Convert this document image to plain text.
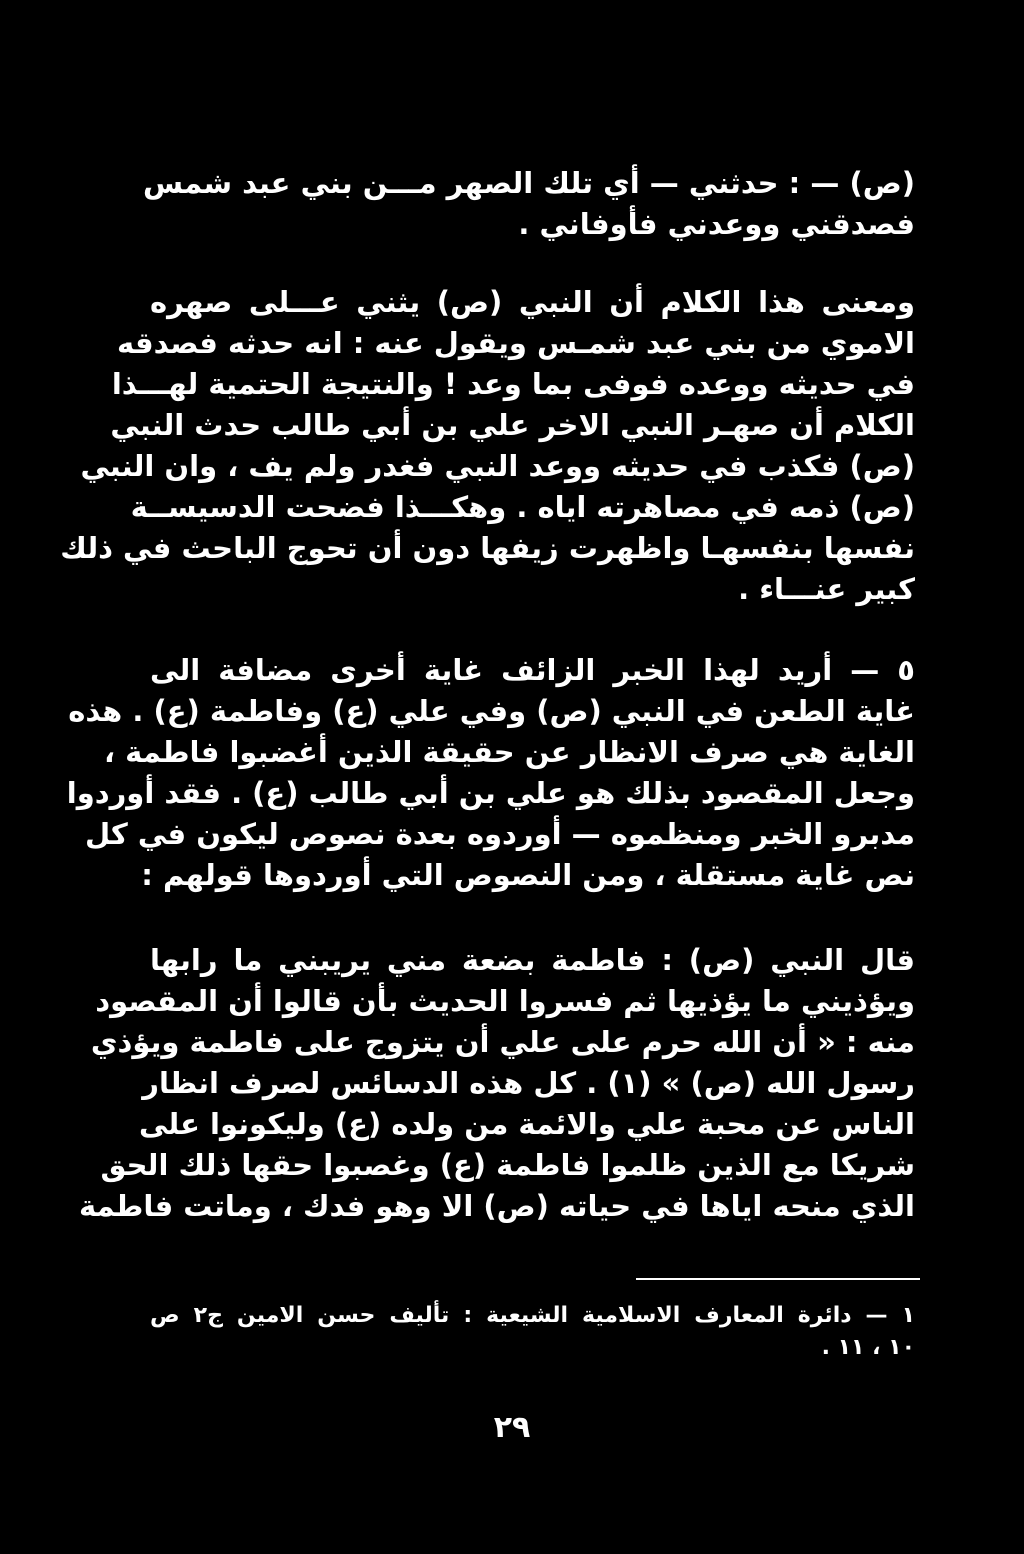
(ص) — : حدثني — أي تلك الصهر مـــن بني عبد شمس
فصدقني ووعدني فأوفاني .
ومعنى هذا الكلام أن النبي (ص) يثني عـــلى صهره
الاموي من بني عبد شمـس ويقول عنه : انه حدثه فصدقه
في حديثه ووعده فوفى بما وعد ! والنتيجة الحتمية لهـــذا
الكلام أن صهـر النبي الاخر علي بن أبي طالب حدث النبي
(ص) فكذب في حديثه ووعد النبي فغدر ولم يف ، وان النبي
(ص) ذمه في مصاهرته اياه . وهكـــذا فضحت الدسيســة
نفسها بنفسهـا واظهرت زيفها دون أن تحوج الباحث في ذلك
كبير عنـــاء .
٥ — أريد لهذا الخبر الزائف غاية أخرى مضافة الى
غاية الطعن في النبي (ص) وفي علي (ع) وفاطمة (ع) . هذه
الغاية هي صرف الانظار عن حقيقة الذين أغضبوا فاطمة ،
وجعل المقصود بذلك هو علي بن أبي طالب (ع) . فقد أوردوا
مدبرو الخبر ومنظموه — أوردوه بعدة نصوص ليكون في كل
نص غاية مستقلة ، ومن النصوص التي أوردوها قولهم :
قال النبي (ص) : فاطمة بضعة مني يريبني ما رابها
ويؤذيني ما يؤذيها ثم فسروا الحديث بأن قالوا أن المقصود
منه : « أن الله حرم على علي أن يتزوج على فاطمة ويؤذي
رسول الله (ص) » (١) . كل هذه الدسائس لصرف انظار
الناس عن محبة علي والائمة من ولده (ع) وليكونوا على
شريكا مع الذين ظلموا فاطمة (ع) وغصبوا حقها ذلك الحق
الذي منحه اياها في حياته (ص) الا وهو فدك ، وماتت فاطمة
١ — دائرة المعارف الاسلامية الشيعية : تأليف حسن الامين ج٢ ص
١٠ ، ١١ .
٢٩
